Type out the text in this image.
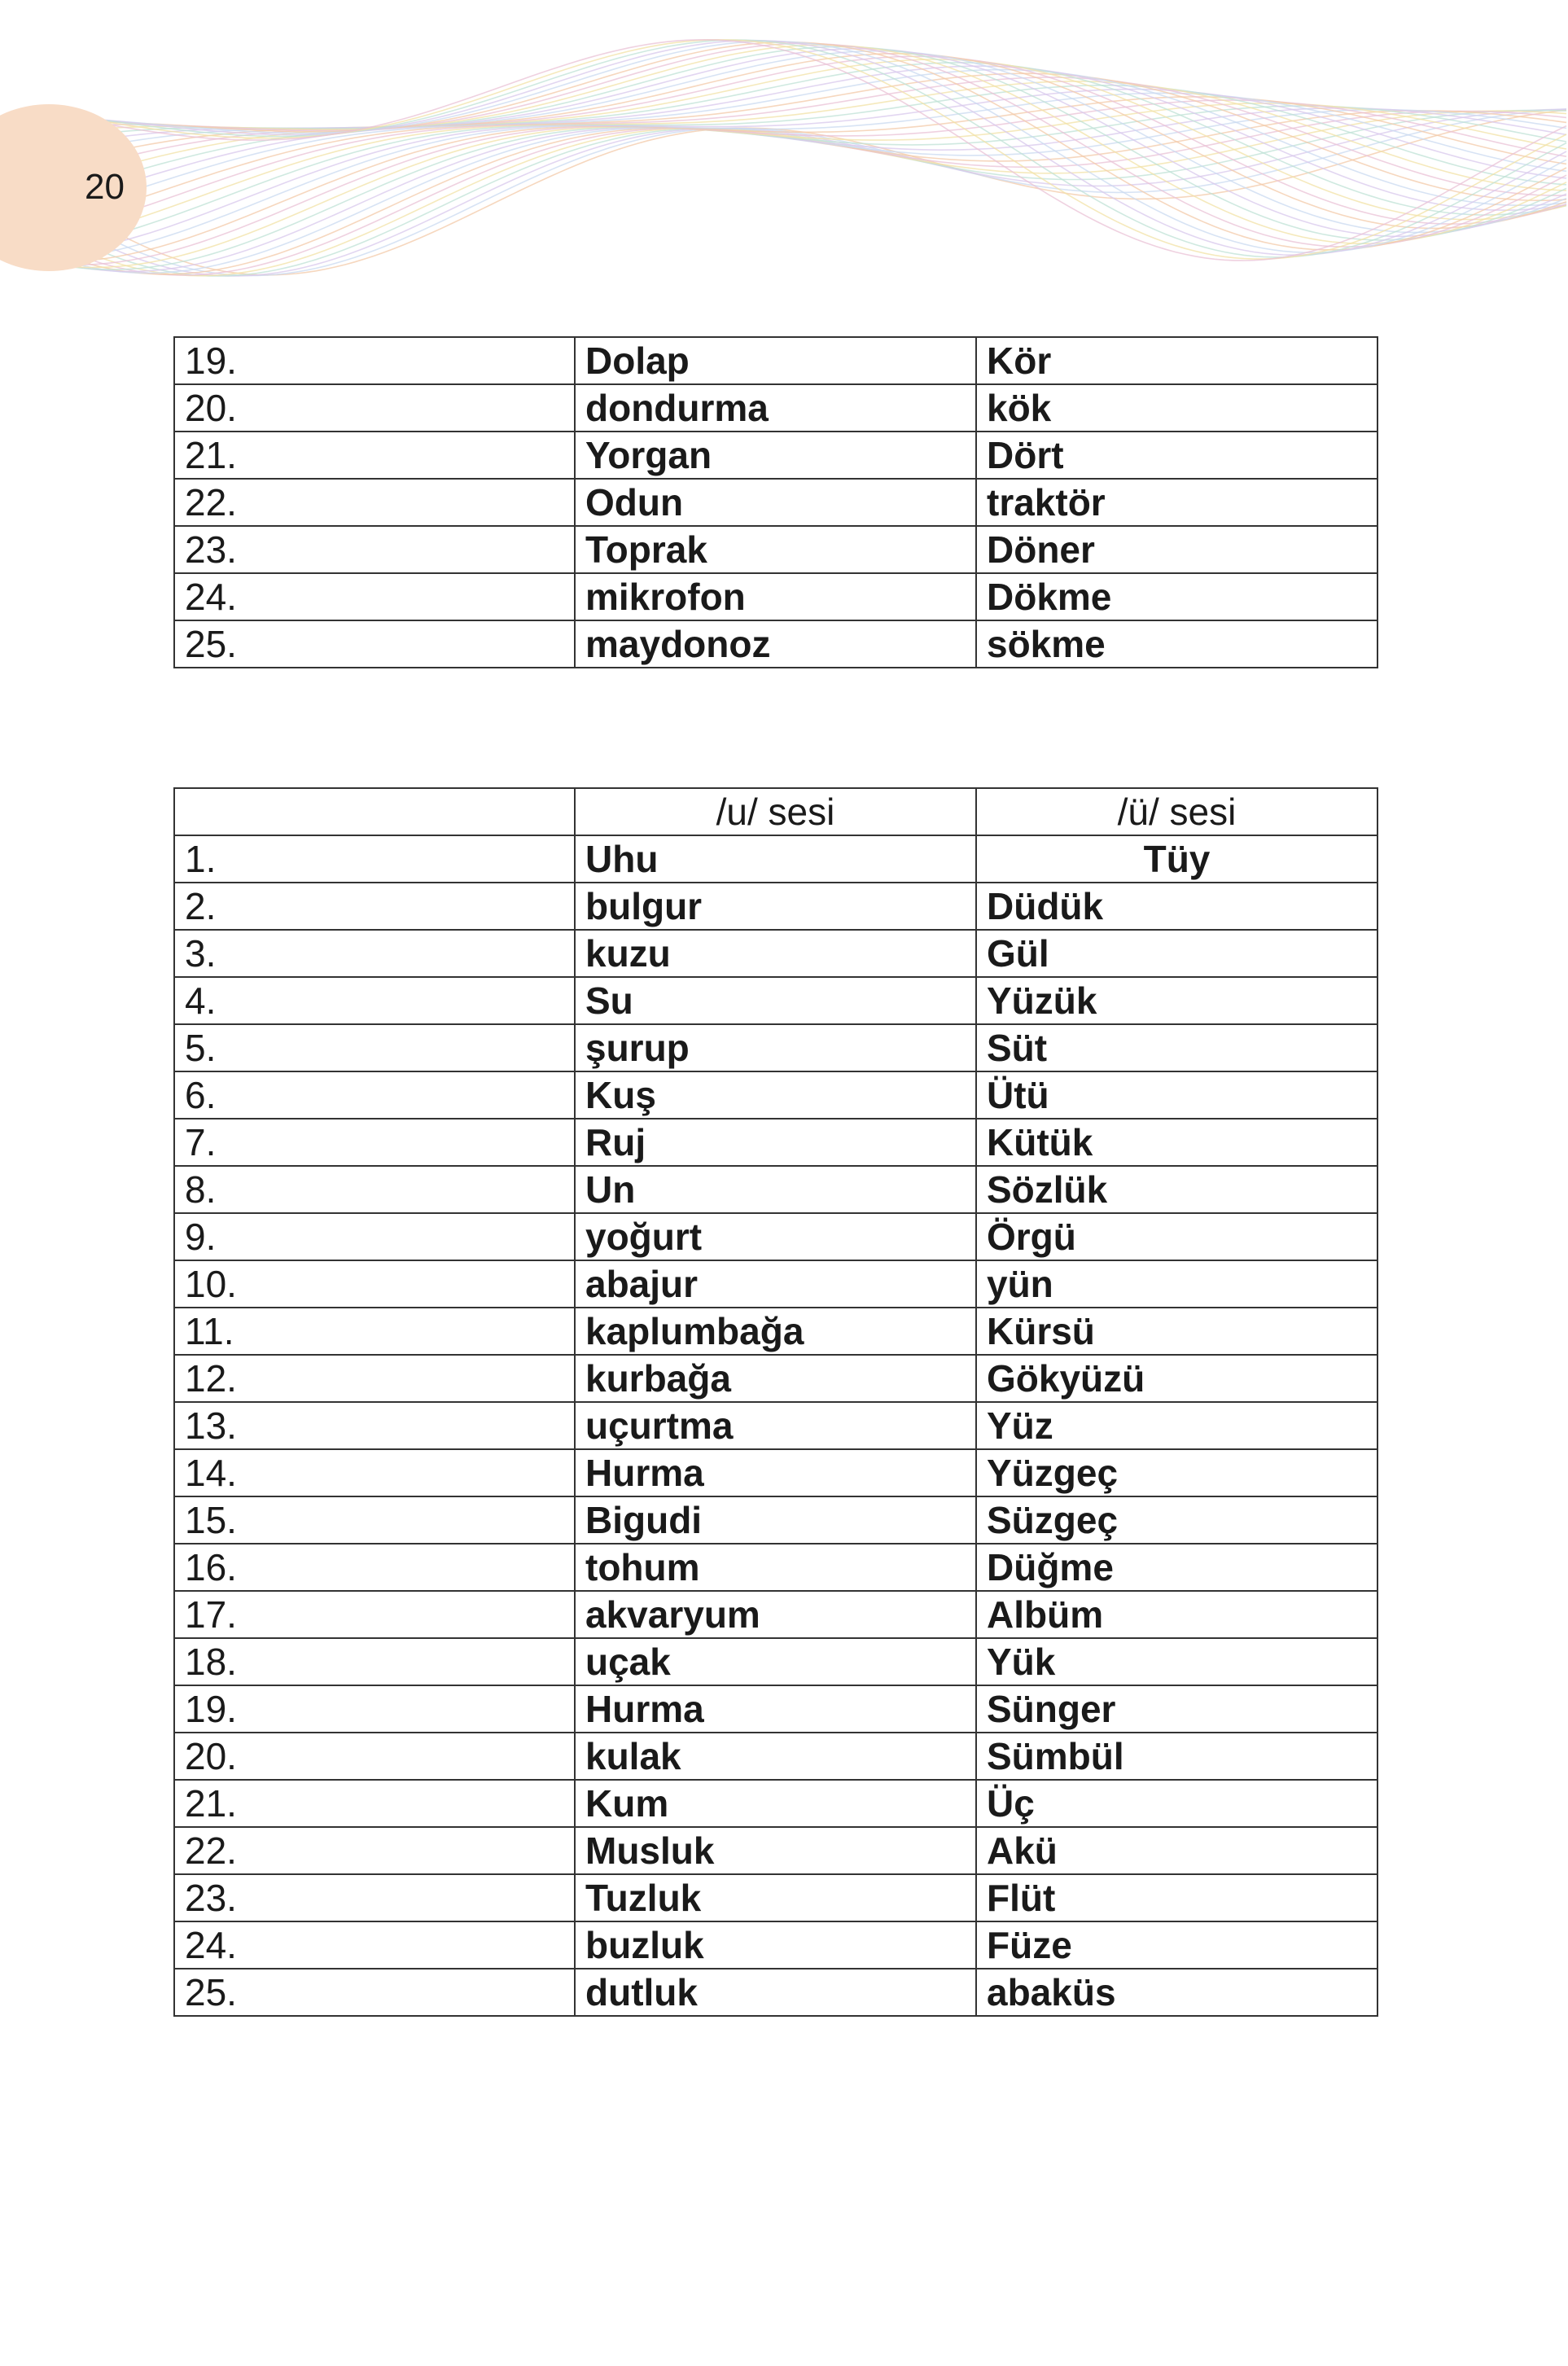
20
19.	Dolap	Kör
20.	dondurma	kök
21.	Yorgan	Dört
22.	Odun	traktör
23.	Toprak	Döner
24.	mikrofon	Dökme
25.	maydonoz	sökme
	/u/ sesi	/ü/ sesi
1.	Uhu	Tüy
2.	bulgur	Düdük
3.	kuzu	Gül
4.	Su	Yüzük
5.	şurup	Süt
6.	Kuş	Ütü
7.	Ruj	Kütük
8.	Un	Sözlük
9.	yoğurt	Örgü
10.	abajur	yün
11.	kaplumbağa	Kürsü
12.	kurbağa	Gökyüzü
13.	uçurtma	Yüz
14.	Hurma	Yüzgeç
15.	Bigudi	Süzgeç
16.	tohum	Düğme
17.	akvaryum	Albüm
18.	uçak	Yük
19.	Hurma	Sünger
20.	kulak	Sümbül
21.	Kum	Üç
22.	Musluk	Akü
23.	Tuzluk	Flüt
24.	buzluk	Füze
25.	dutluk	abaküs
